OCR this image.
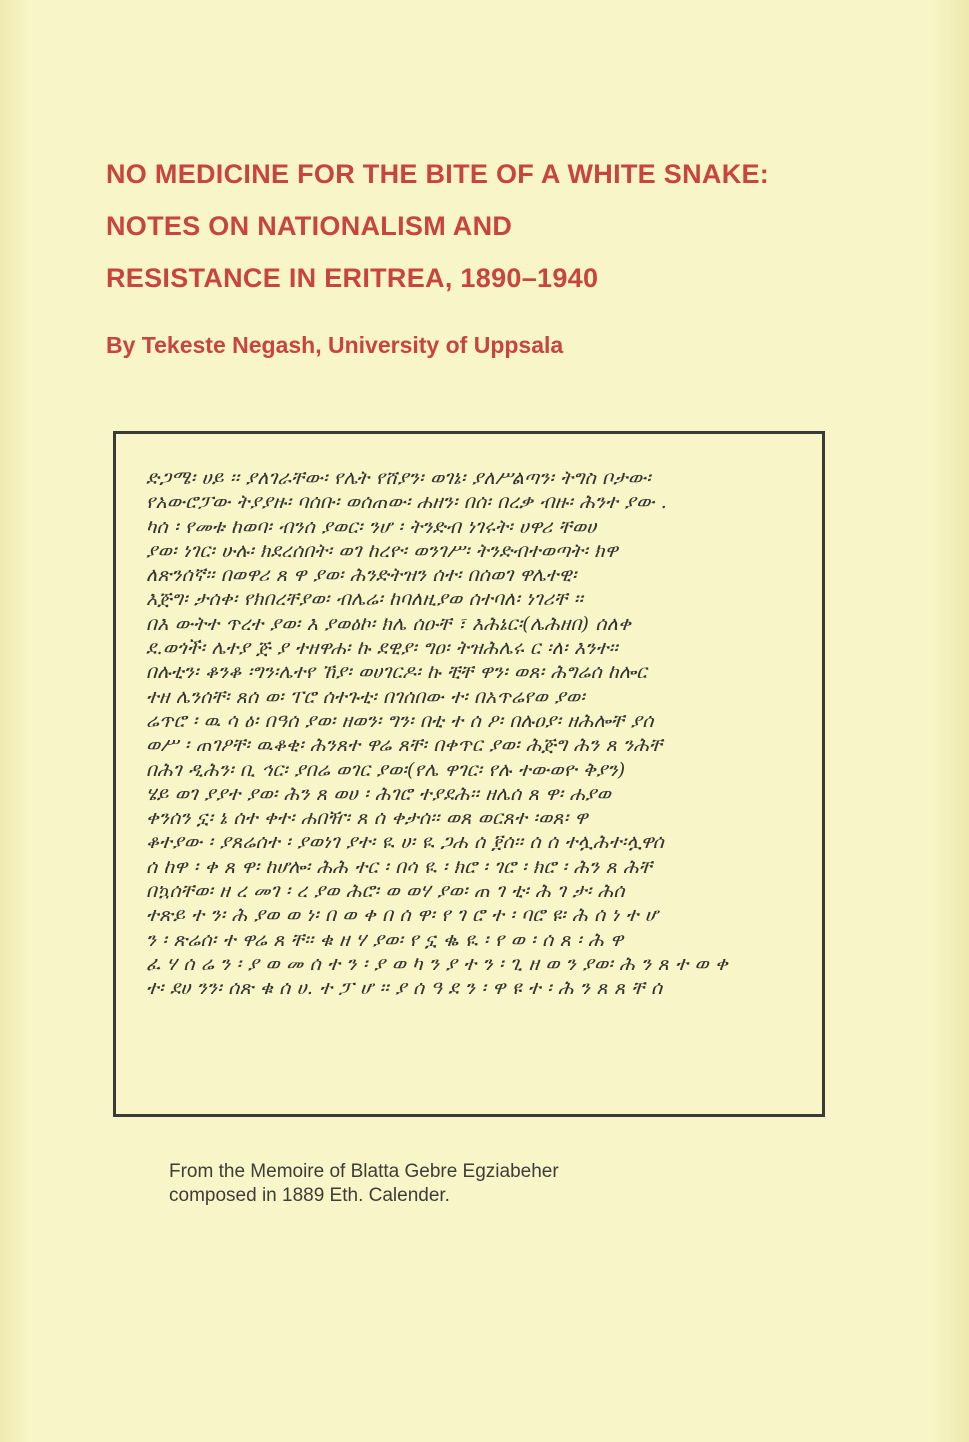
NO MEDICINE FOR THE BITE OF A WHITE SNAKE:
NOTES ON NATIONALISM AND
RESISTANCE IN ERITREA, 1890–1940
By Tekeste Negash, University of Uppsala
ድጋሜ፡ ሀይ ፡፡ ያለገራቸው፡ የሌት የሸያን፡ ወገኔ፡ ያለሥልጣን፡ ትግስ ቦታው፡
የአውሮፓው ትያያዙ፡ ባሰቡ፡ ወሰጠው፡ ሐዘን፡ በሰ፡ በረቃ ብዙ፡ ሕንተ ያው .
ካሰ ፡ የመቱ ከወባ፡ ብንሰ ያወር፡ ንሆ ፡ ትንድብ ነገሩት፡ ሀዋሪ ቸወሀ
ያወ፡ ነገር፡ ሁሉ፡ ክደረሰበት፡ ወገ ከረዮ፡ ወንገሥ፡ ትንድብተወጣት፡ ክዋ
ለጽንሰኛ፡፡ በወዋሪ ጸ ዋ ያወ፡ ሕንድትዝን ሰተ፡ በሰወገ ዋሌተዊ፡
እጅግ፡ ታሰቀ፡ የክበረቸያወ፡ ብሌሬ፡ ከባለዚያወ ሰተባለ፡ ነገሪቸ ፡፡
በእ ውትተ ጥረተ ያወ፡ እ ያወዕኮ፡ ክሌ ሰዑቸ ፣ እሕኔር፡(ሌሕዘበ) ሰለቀ
ደ.ወጎች፡ ሌተያ ጅ ያ ተዘዋሐ፡ ኩ ደዊያ፡ ግዐ፡ ትዝሕሌሩ ር ፡ለ፡ እንተ፡፡
በሉቲን፡ ቆንቆ ፡ግን፡ሌተየ ኸያ፡ ወሀገርዶ፡ ኩ ቺቸ ዋን፡ ወጸ፡ ሕግሬሰ ከሎር
ተዘ ሌንሰቸ፡ ጸሰ ወ፡ ፐሮ ሰተጉቲ፡ በገሰበው ተ፡ በአጥሬየወ ያወ፡
ሬጥሮ ፡ ዉ ሳ ዕ፡ በዓሰ ያወ፡ ዘወን፡ ግን፡ በቲ ተ ሰ ዖ፡ በሉዐያ፡ ዘሕሎቸ ያሰ
ወሥ ፡ ጠገዖቸ፡ ዉቆቂ፡ ሕንጸተ ዋሬ ጸቸ፡ በቀጥር ያወ፡ ሕጅግ ሕን ጸ ንሕቸ
በሕገ ዲሕን፡ ቢ ኅር፡ ያበሬ ወገር ያወ፡(የሌ ዋገር፡ የሉ ተውወዮ ቅያን)
ሄይ ወገ ያያተ ያወ፡ ሕን ጸ ወሀ ፡ ሕገሮ ተያደሕ፡፡ ዘሌሰ ጸ ዋ፡ ሐያወ
ቀንሰን ኗ፡ ኔ ሰተ ቀተ፡ ሐበዥ፡ ጸ ሰ ቀታሰ፡፡ ወጸ ወርጸተ ፡ወጸ፡ ዋ
ቆተያው ፡ ያጸሬሰተ ፡ ያወነገ ያተ፡ ዪ ሀ፡ ዪ ጋሐ ሰ ፻ሰ፡፡ ሰ ሰ ተሏሕተ፡ሏዋሰ
ሰ ከዋ ፡ ቀ ጸ ዋ፡ ከሆሎ፡ ሕሕ ተር ፡ በሳ ዪ ፡ ክሮ ፡ ገሮ ፡ ክሮ ፡ ሕን ጸ ሕቸ
በኳሰቸወ፡ ዘ ረ መገ ፡ ረ ያወ ሕሮ፡ ወ ወሃ ያወ፡ ጠ ገ ቲ፡ ሕ ገ ታ፡ ሕሰ
ተጽይ ተ ን፡ ሕ ያወ ወ ነ፡ በ ወ ቀ በ ሰ ዋ፡ የ ገ ሮ ተ ፡ ባሮ ዩ፡ ሕ ሰ ነ ተ ሆ
ን ፡ ጽሬሰ፡ ተ ዋሬ ጸ ቸ፡፡ ቁ ዘ ሃ ያወ፡ የ ኗ ቈ ዪ ፡ የ ወ ፡ ሰ ጸ ፡ ሕ ዋ
ፈ ሃ ሰ ሬ ን ፡ ያ ወ መ ሰ ተ ን ፡ ያ ወ ካ ን ያ ተ ን ፡ ጊ ዘ ወ ን ያወ፡ ሕ ን ጸ ተ ወ ቀ
ተ፡ ደሀ ንን፡ ሰጽ ቁ ሰ ሀ. ተ ፓ ሆ ፡፡ ያ ሰ ዓ ደ ን ፡ ዋ ዩ ተ ፡ ሕ ን ጸ ጸ ቸ ሰ
From the Memoire of Blatta Gebre Egziabeher
composed in 1889 Eth. Calender.
